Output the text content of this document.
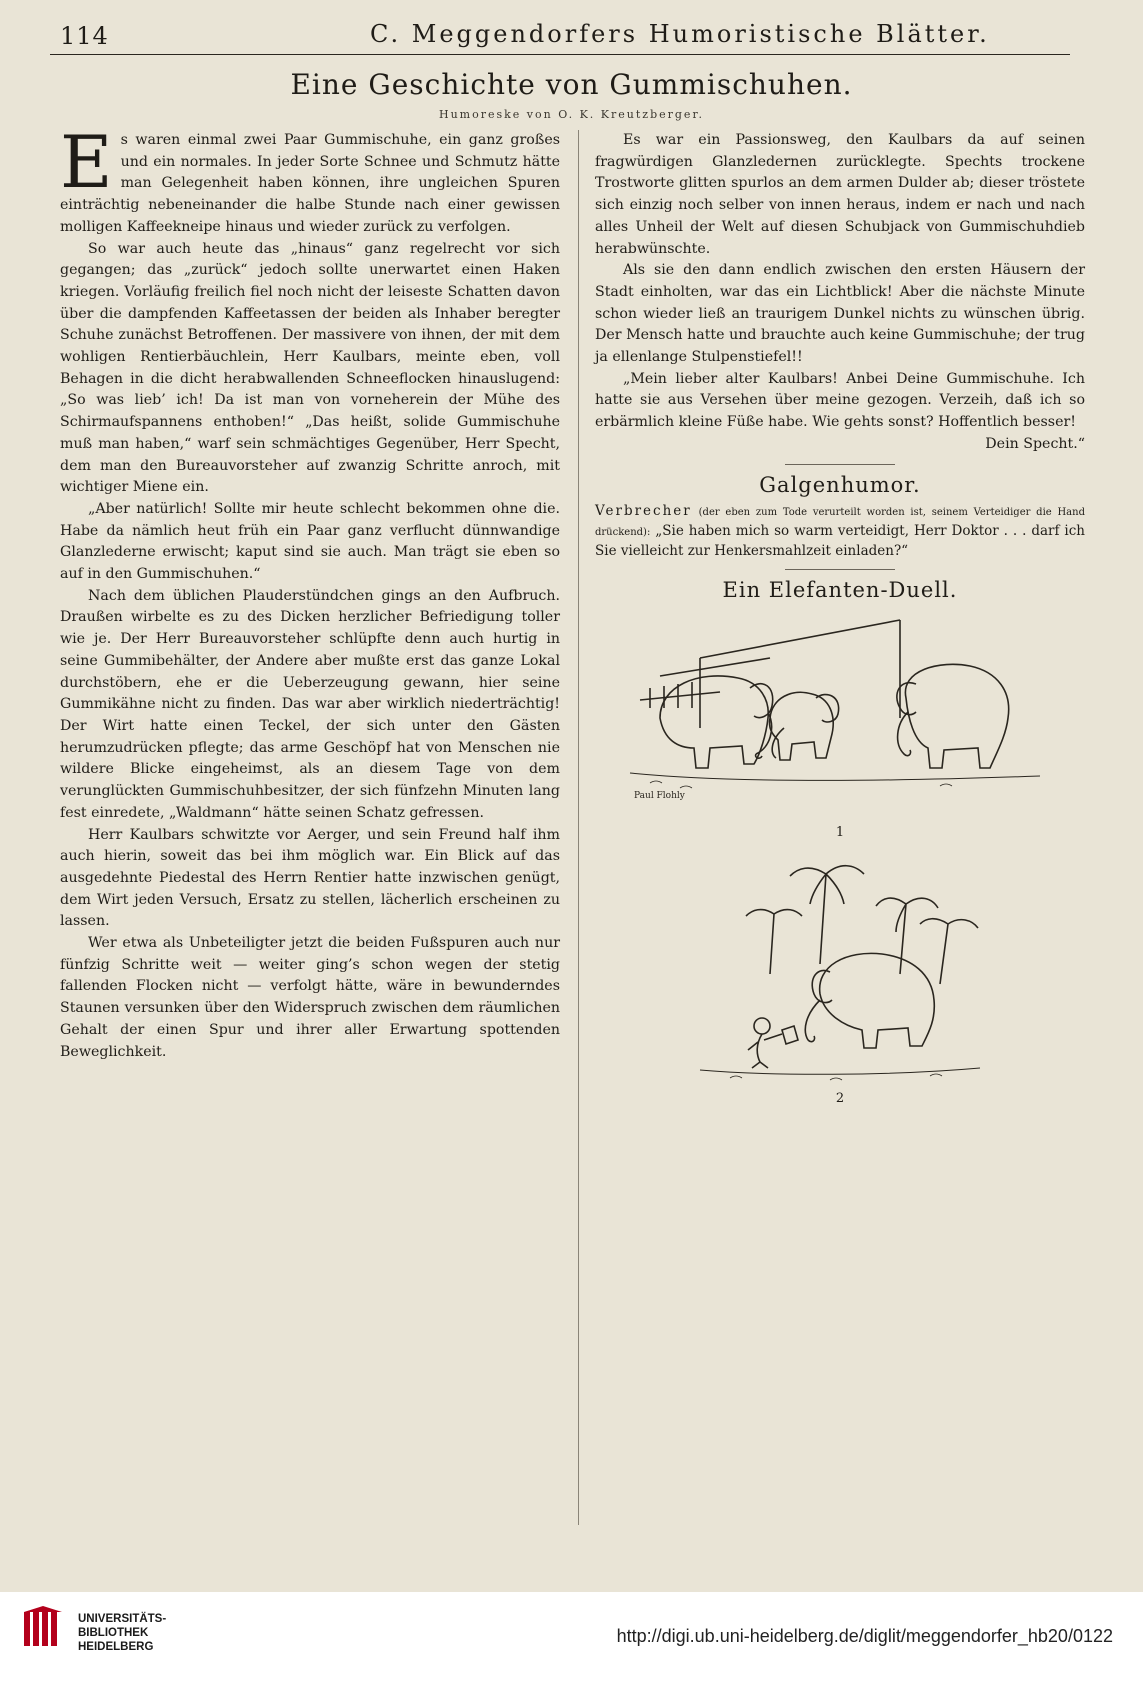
114	C. Meggendorfers Humoristische Blätter.
Eine Geschichte von Gummischuhen.
Humoreske von O. K. Kreutzberger.

Es waren einmal zwei Paar Gummischuhe, ein ganz großes und ein normales. In jeder Sorte Schnee und Schmutz hätte man Gelegenheit haben können, ihre ungleichen Spuren einträchtig nebeneinander die halbe Stunde nach einer gewissen molligen Kaffeekneipe hinaus und wieder zurück zu verfolgen.

So war auch heute das „hinaus“ ganz regelrecht vor sich gegangen; das „zurück“ jedoch sollte unerwartet einen Haken kriegen. Vorläufig freilich fiel noch nicht der leiseste Schatten davon über die dampfenden Kaffeetassen der beiden als Inhaber beregter Schuhe zunächst Betroffenen. Der massivere von ihnen, der mit dem wohligen Rentierbäuchlein, Herr Kaulbars, meinte eben, voll Behagen in die dicht herabwallenden Schneeflocken hinauslugend: „So was lieb’ ich! Da ist man von vorneherein der Mühe des Schirmaufspannens enthoben!“ „Das heißt, solide Gummischuhe muß man haben,“ warf sein schmächtiges Gegenüber, Herr Specht, dem man den Bureauvorsteher auf zwanzig Schritte anroch, mit wichtiger Miene ein.

„Aber natürlich! Sollte mir heute schlecht bekommen ohne die. Habe da nämlich heut früh ein Paar ganz verflucht dünnwandige Glanzlederne erwischt; kaput sind sie auch. Man trägt sie eben so auf in den Gummischuhen.“

Nach dem üblichen Plauderstündchen gings an den Aufbruch. Draußen wirbelte es zu des Dicken herzlicher Befriedigung toller wie je. Der Herr Bureauvorsteher schlüpfte denn auch hurtig in seine Gummibehälter, der Andere aber mußte erst das ganze Lokal durchstöbern, ehe er die Ueberzeugung gewann, hier seine Gummikähne nicht zu finden. Das war aber wirklich niederträchtig! Der Wirt hatte einen Teckel, der sich unter den Gästen herumzudrücken pflegte; das arme Geschöpf hat von Menschen nie wildere Blicke eingeheimst, als an diesem Tage von dem verunglückten Gummischuhbesitzer, der sich fünfzehn Minuten lang fest einredete, „Waldmann“ hätte seinen Schatz gefressen.

Herr Kaulbars schwitzte vor Aerger, und sein Freund half ihm auch hierin, soweit das bei ihm möglich war. Ein Blick auf das ausgedehnte Piedestal des Herrn Rentier hatte inzwischen genügt, dem Wirt jeden Versuch, Ersatz zu stellen, lächerlich erscheinen zu lassen.

Wer etwa als Unbeteiligter jetzt die beiden Fußspuren auch nur fünfzig Schritte weit — weiter ging’s schon wegen der stetig fallenden Flocken nicht — verfolgt hätte, wäre in bewunderndes Staunen versunken über den Widerspruch zwischen dem räumlichen Gehalt der einen Spur und ihrer aller Erwartung spottenden Beweglichkeit.

Es war ein Passionsweg, den Kaulbars da auf seinen fragwürdigen Glanzledernen zurücklegte. Spechts trockene Trostworte glitten spurlos an dem armen Dulder ab; dieser tröstete sich einzig noch selber von innen heraus, indem er nach und nach alles Unheil der Welt auf diesen Schubjack von Gummischuhdieb herabwünschte.

Als sie den dann endlich zwischen den ersten Häusern der Stadt einholten, war das ein Lichtblick! Aber die nächste Minute schon wieder ließ an traurigem Dunkel nichts zu wünschen übrig. Der Mensch hatte und brauchte auch keine Gummischuhe; der trug ja ellenlange Stulpenstiefel!!

„Mein lieber alter Kaulbars! Anbei Deine Gummischuhe. Ich hatte sie aus Versehen über meine gezogen. Verzeih, daß ich so erbärmlich kleine Füße habe. Wie gehts sonst? Hoffentlich besser!

Dein Specht.“

Galgenhumor.

Verbrecher (der eben zum Tode verurteilt worden ist, seinem Verteidiger die Hand drückend): „Sie haben mich so warm verteidigt, Herr Doktor . . . darf ich Sie vielleicht zur Henkersmahlzeit einladen?“

Ein Elefanten-Duell.
Paul Flohly
1
2
UNIVERSITÄTS-
BIBLIOTHEK
HEIDELBERG
http://digi.ub.uni-heidelberg.de/diglit/meggendorfer_hb20/0122
